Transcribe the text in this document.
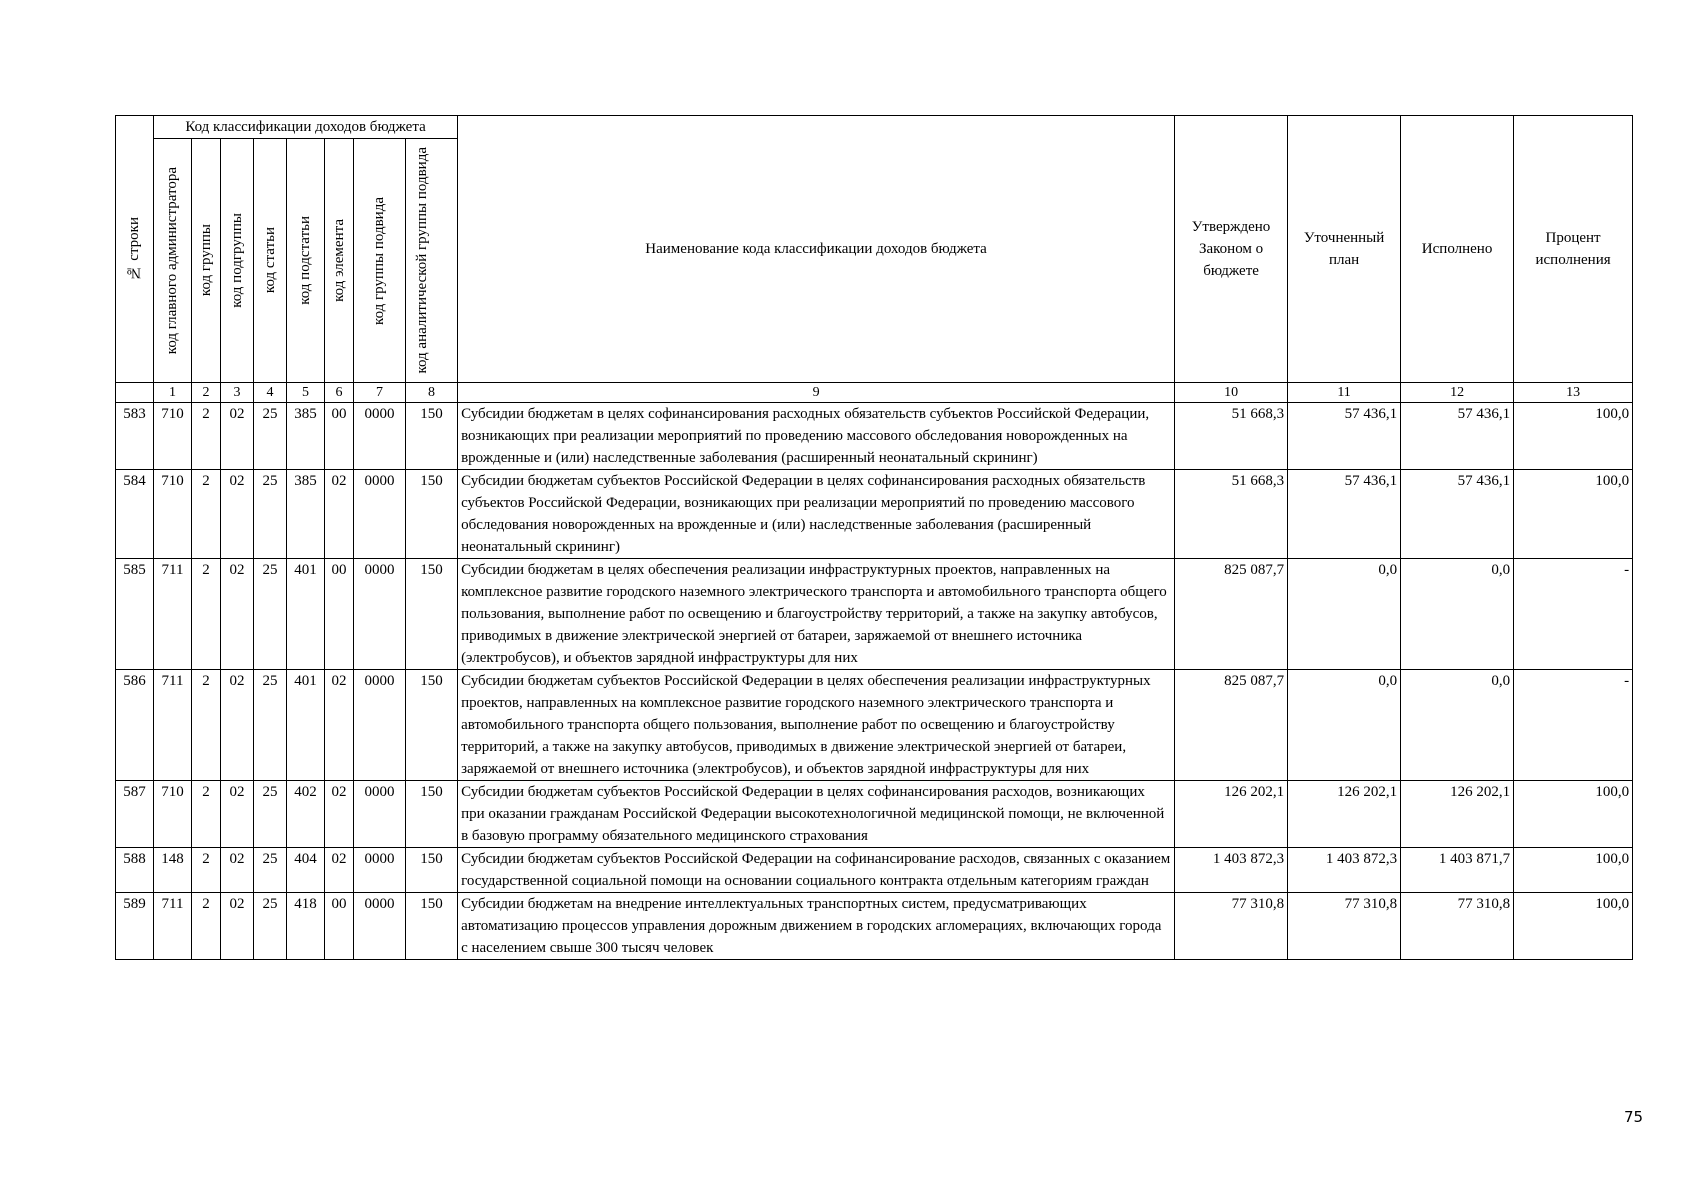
№ строки	Код классификации доходов бюджета								Наименование кода классификации доходов бюджета	Утверждено Законом о бюджете	Уточненный план	Исполнено	Процент исполнения

	код главного администратора	код группы	код подгруппы	код статьи	код подстатьи	код элемента	код группы подвида	код аналитической группы подвида					

	1	2	3	4	5	6	7	8	9	10	11	12	13
583	710	2	02	25	385	00	0000	150	Субсидии бюджетам в целях софинансирования расходных обязательств субъектов Российской Федерации, возникающих при реализации мероприятий по проведению массового обследования новорожденных на врожденные и (или) наследственные заболевания (расширенный неонатальный скрининг)	51 668,3	57 436,1	57 436,1	100,0
584	710	2	02	25	385	02	0000	150	Субсидии бюджетам субъектов Российской Федерации в целях софинансирования расходных обязательств субъектов Российской Федерации, возникающих при реализации мероприятий по проведению массового обследования новорожденных на врожденные и (или) наследственные заболевания (расширенный неонатальный скрининг)	51 668,3	57 436,1	57 436,1	100,0
585	711	2	02	25	401	00	0000	150	Субсидии бюджетам в целях обеспечения реализации инфраструктурных проектов, направленных на комплексное развитие городского наземного электрического транспорта и автомобильного транспорта общего пользования, выполнение работ по освещению и благоустройству территорий, а также на закупку автобусов, приводимых в движение электрической энергией от батареи, заряжаемой от внешнего источника (электробусов), и объектов зарядной инфраструктуры для них	825 087,7	0,0	0,0	-
586	711	2	02	25	401	02	0000	150	Субсидии бюджетам субъектов Российской Федерации в целях обеспечения реализации инфраструктурных проектов, направленных на комплексное развитие городского наземного электрического транспорта и автомобильного транспорта общего пользования, выполнение работ по освещению и благоустройству территорий, а также на закупку автобусов, приводимых в движение электрической энергией от батареи, заряжаемой от внешнего источника (электробусов), и объектов зарядной инфраструктуры для них	825 087,7	0,0	0,0	-
587	710	2	02	25	402	02	0000	150	Субсидии бюджетам субъектов Российской Федерации в целях софинансирования расходов, возникающих при оказании гражданам Российской Федерации высокотехнологичной медицинской помощи, не включенной в базовую программу обязательного медицинского страхования	126 202,1	126 202,1	126 202,1	100,0
588	148	2	02	25	404	02	0000	150	Субсидии бюджетам субъектов Российской Федерации на софинансирование расходов, связанных с оказанием государственной социальной помощи на основании социального контракта отдельным категориям граждан	1 403 872,3	1 403 872,3	1 403 871,7	100,0
589	711	2	02	25	418	00	0000	150	Субсидии бюджетам на внедрение интеллектуальных транспортных систем, предусматривающих автоматизацию процессов управления дорожным движением в городских агломерациях, включающих города с населением свыше 300 тысяч человек	77 310,8	77 310,8	77 310,8	100,0
75
